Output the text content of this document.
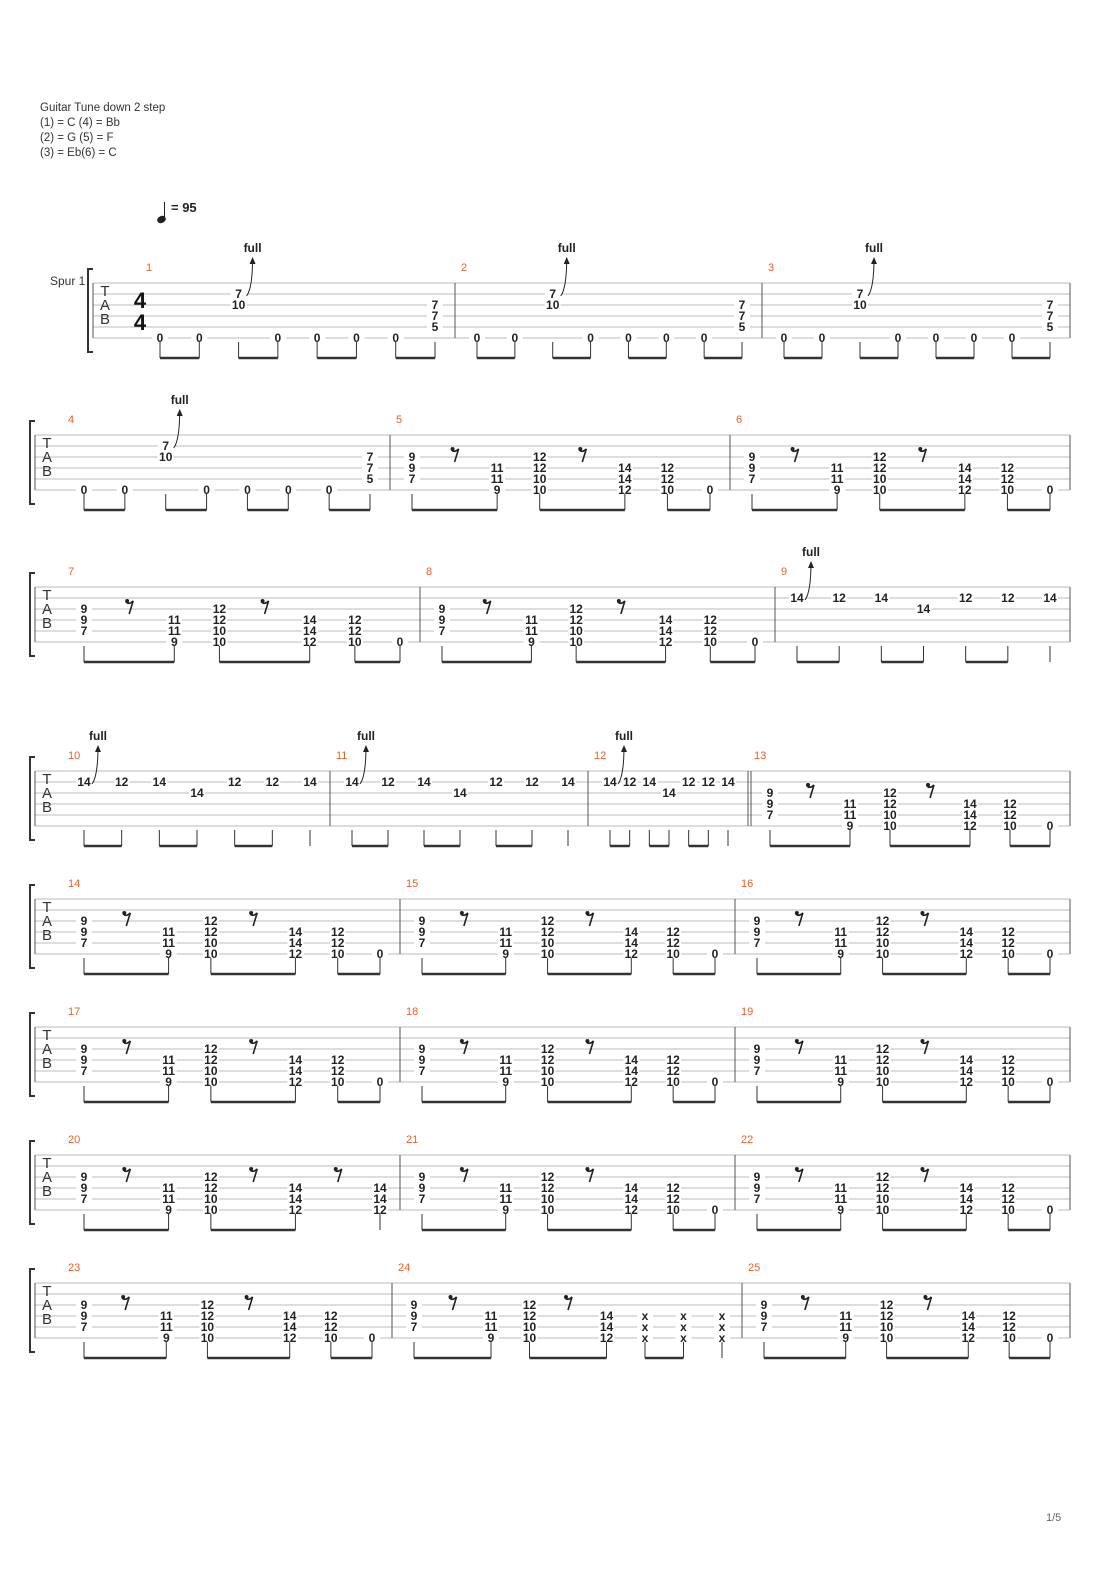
Guitar Tune down 2 step
(1) = C (4) = Bb
(2) = G (5) = F
(3) = Eb(6) = C
= 95
Spur 1
T
A
B
4
4
1
0	0
7
10
full
0	0	0	0
7
7
5
2
0	0
7
10
full
0	0	0	0
7
7
5
3
0	0
7
10
full
0	0	0	0
7
7
5
T
A
B
4
0	0
7
10
full
0	0	0	0
7
7
5
5
9
9
7
11
11
9
12
12
10
10
14
14
12
12
12
10	0
6
9
9
7
11
11
9
12
12
10
10
14
14
12
12
12
10	0
T
A
B
7
9
9
7
11
11
9
12
12
10
10
14
14
12
12
12
10	0
8
9
9
7
11
11
9
12
12
10
10
14
14
12
12
12
10	0
9
14
full
12 14
14
12 12 14
T
A
B
10
14
full
12 14
14
12 12 14
11
14
full
12 14
14
12 12 14
12
14
full
12 14
14
12 12 14
13
9
9
7
11
11
9
12
12
10
10
14
14
12
12
12
10 0
T
A
B
14
9
9
7
11
11
9
12
12
10
10
14
14
12
12
12
10	0
15
9
9
7
11
11
9
12
12
10
10
14
14
12
12
12
10	0
16
9
9
7
11
11
9
12
12
10
10
14
14
12
12
12
10	0
T
A
B
17
9
9
7
11
11
9
12
12
10
10
14
14
12
12
12
10	0
18
9
9
7
11
11
9
12
12
10
10
14
14
12
12
12
10	0
19
9
9
7
11
11
9
12
12
10
10
14
14
12
12
12
10	0
T
A
B
20
9
9
7
11
11
9
12
12
10
10
14
14
12
14
14
12
21
9
9
7
11
11
9
12
12
10
10
14
14
12
12
12
10	0
22
9
9
7
11
11
9
12
12
10
10
14
14
12
12
12
10	0
T
A
B
23
9
9
7
11
11
9
12
12
10
10
14
14
12
12
12
10	0
24
9
9
7
11
11
9
12
12
10
10
14
14
12
x
x
x
x
x
x
x
x
x
25
9
9
7
11
11
9
12
12
10
10
14
14
12
12
12
10	0
1/5
